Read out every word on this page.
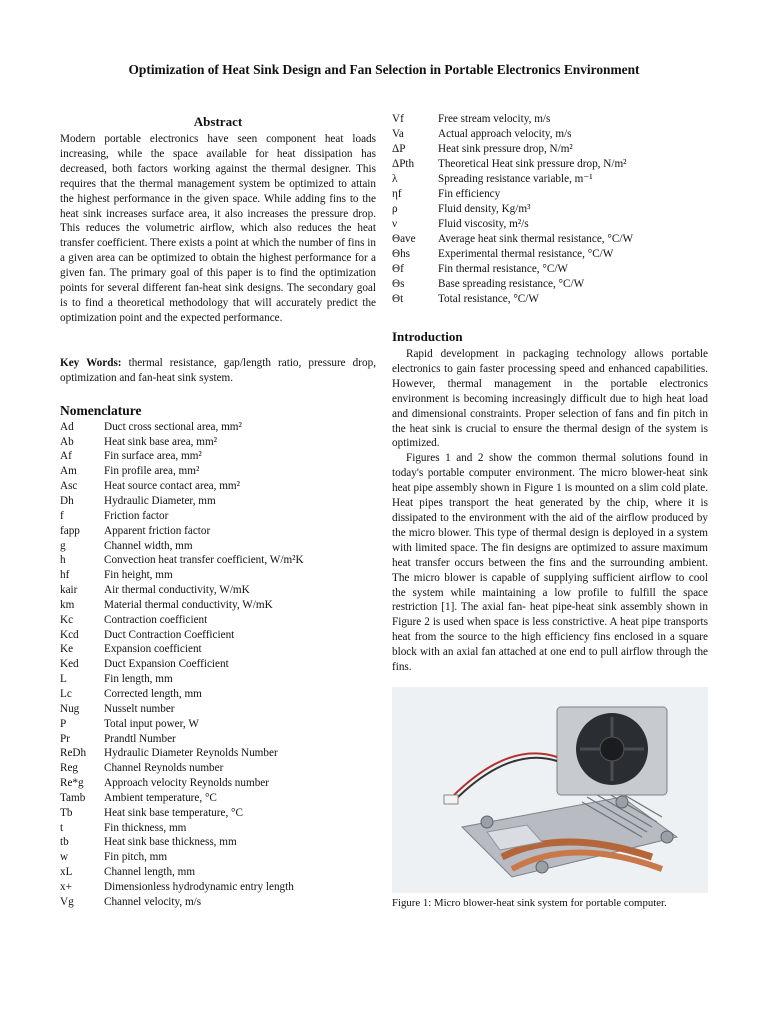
Optimization of Heat Sink Design and Fan Selection in Portable Electronics Environment

Abstract

Modern portable electronics have seen component heat loads increasing, while the space available for heat dissipation has decreased, both factors working against the thermal designer. This requires that the thermal management system be optimized to attain the highest performance in the given space. While adding fins to the heat sink increases surface area, it also increases the pressure drop. This reduces the volumetric airflow, which also reduces the heat transfer coefficient. There exists a point at which the number of fins in a given area can be optimized to obtain the highest performance for a given fan. The primary goal of this paper is to find the optimization points for several different fan-heat sink designs. The secondary goal is to find a theoretical methodology that will accurately predict the optimization point and the expected performance.

Key Words: thermal resistance, gap/length ratio, pressure drop, optimization and fan-heat sink system.

Nomenclature

Ad	Duct cross sectional area, mm²
Ab	Heat sink base area, mm²
Af	Fin surface area, mm²
Am	Fin profile area, mm²
Asc	Heat source contact area, mm²
Dh	Hydraulic Diameter, mm
f	Friction factor
fapp	Apparent friction factor
g	Channel width, mm
h	Convection heat transfer coefficient, W/m²K
hf	Fin height, mm
kair	Air thermal conductivity, W/mK
km	Material thermal conductivity, W/mK
Kc	Contraction coefficient
Kcd	Duct Contraction Coefficient
Ke	Expansion coefficient
Ked	Duct Expansion Coefficient
L	Fin length, mm
Lc	Corrected length, mm
Nug	Nusselt number
P	Total input power, W
Pr	Prandtl Number
ReDh	Hydraulic Diameter Reynolds Number
Reg	Channel Reynolds number
Re*g	Approach velocity Reynolds number
Tamb	Ambient temperature, °C
Tb	Heat sink base temperature, °C
t	Fin thickness, mm
tb	Heat sink base thickness, mm
w	Fin pitch, mm
xL	Channel length, mm
x+	Dimensionless hydrodynamic entry length
Vg	Channel velocity, m/s
Vf	Free stream velocity, m/s
Va	Actual approach velocity, m/s
ΔP	Heat sink pressure drop, N/m²
ΔPth	Theoretical Heat sink pressure drop, N/m²
λ	Spreading resistance variable, m⁻¹
ηf	Fin efficiency
ρ	Fluid density, Kg/m³
ν	Fluid viscosity, m²/s
Θave	Average heat sink thermal resistance, °C/W
Θhs	Experimental thermal resistance, °C/W
Θf	Fin thermal resistance, °C/W
Θs	Base spreading resistance, °C/W
Θt	Total resistance, °C/W

Introduction

Rapid development in packaging technology allows portable electronics to gain faster processing speed and enhanced capabilities. However, thermal management in the portable electronics environment is becoming increasingly difficult due to high heat load and dimensional constraints. Proper selection of fans and fin pitch in the heat sink is crucial to ensure the thermal design of the system is optimized.

Figures 1 and 2 show the common thermal solutions found in today's portable computer environment. The micro blower-heat sink heat pipe assembly shown in Figure 1 is mounted on a slim cold plate. Heat pipes transport the heat generated by the chip, where it is dissipated to the environment with the aid of the airflow produced by the micro blower. This type of thermal design is deployed in a system with limited space. The fin designs are optimized to assure maximum heat transfer occurs between the fins and the surrounding ambient. The micro blower is capable of supplying sufficient airflow to cool the system while maintaining a low profile to fulfill the space restriction [1]. The axial fan- heat pipe-heat sink assembly shown in Figure 2 is used when space is less constrictive. A heat pipe transports heat from the source to the high efficiency fins enclosed in a square block with an axial fan attached at one end to pull airflow through the fins.

Figure 1: Micro blower-heat sink system for portable computer.
